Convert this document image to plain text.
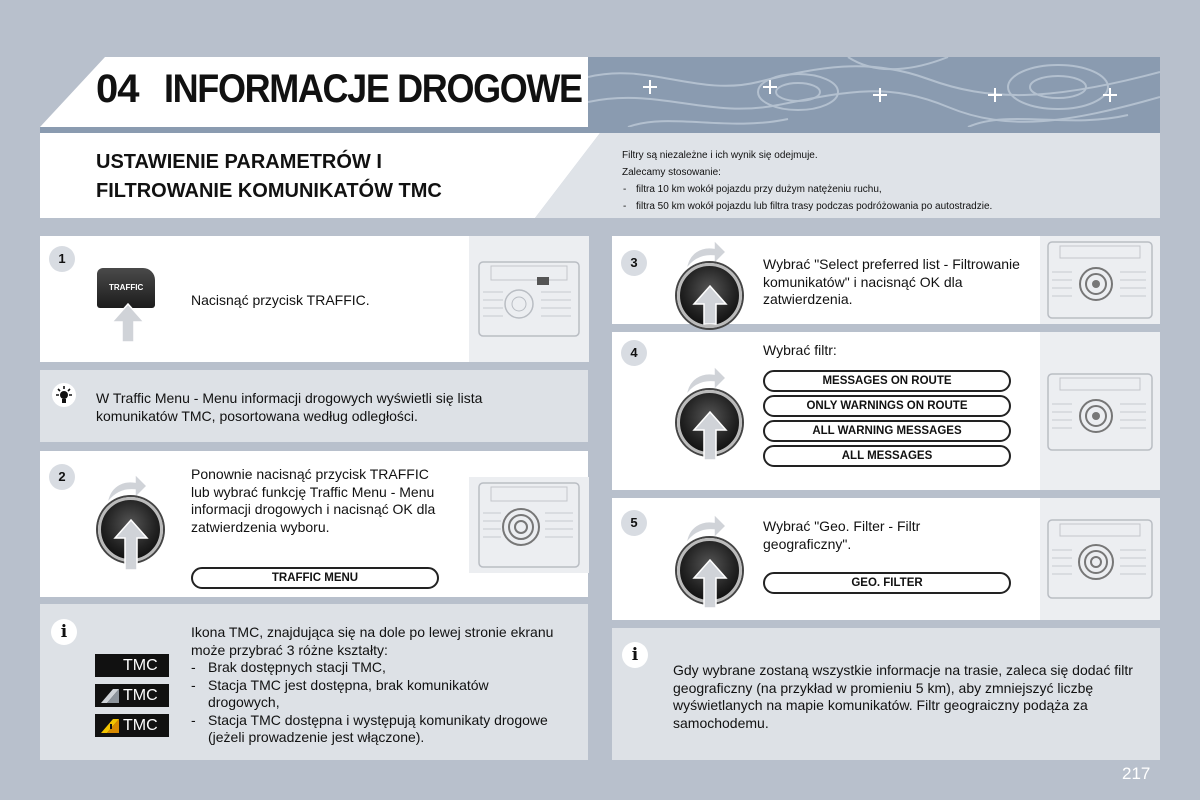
04 INFORMACJE DROGOWE
USTAWIENIE PARAMETRÓW I
FILTROWANIE KOMUNIKATÓW TMC
Filtry są niezależne i ich wynik się odejmuje.
Zalecamy stosowanie:
- filtra 10 km wokół pojazdu przy dużym natężeniu ruchu,
- filtra 50 km wokół pojazdu lub filtra trasy podczas podróżowania po autostradzie.
1
TRAFFIC
Nacisnąć przycisk TRAFFIC.
W Traffic Menu - Menu informacji drogowych wyświetli się lista komunikatów TMC, posortowana według odległości.
2	Ponownie nacisnąć przycisk TRAFFIC lub wybrać funkcję Traffic Menu - Menu informacji drogowych i nacisnąć OK dla zatwierdzenia wyboru.
TRAFFIC MENU
i	Ikona TMC, znajdująca się na dole po lewej stronie ekranu może przybrać 3 różne kształty:
- Brak dostępnych stacji TMC,
- Stacja TMC jest dostępna, brak komunikatów drogowych,
- Stacja TMC dostępna i występują komunikaty drogowe (jeżeli prowadzenie jest włączone).
TMC
TMC
TMC
3	Wybrać "Select preferred list - Filtrowanie komunikatów" i nacisnąć OK dla zatwierdzenia.
4	Wybrać filtr:
MESSAGES ON ROUTE
ONLY WARNINGS ON ROUTE
ALL WARNING MESSAGES
ALL MESSAGES
5	Wybrać "Geo. Filter - Filtr geograficzny".
GEO. FILTER
i
Gdy wybrane zostaną wszystkie informacje na trasie, zaleca się dodać filtr geograficzny (na przykład w promieniu 5 km), aby zmniejszyć liczbę wyświetlanych na mapie komunikatów. Filtr geograiczny podąża za samochodemu.
217
